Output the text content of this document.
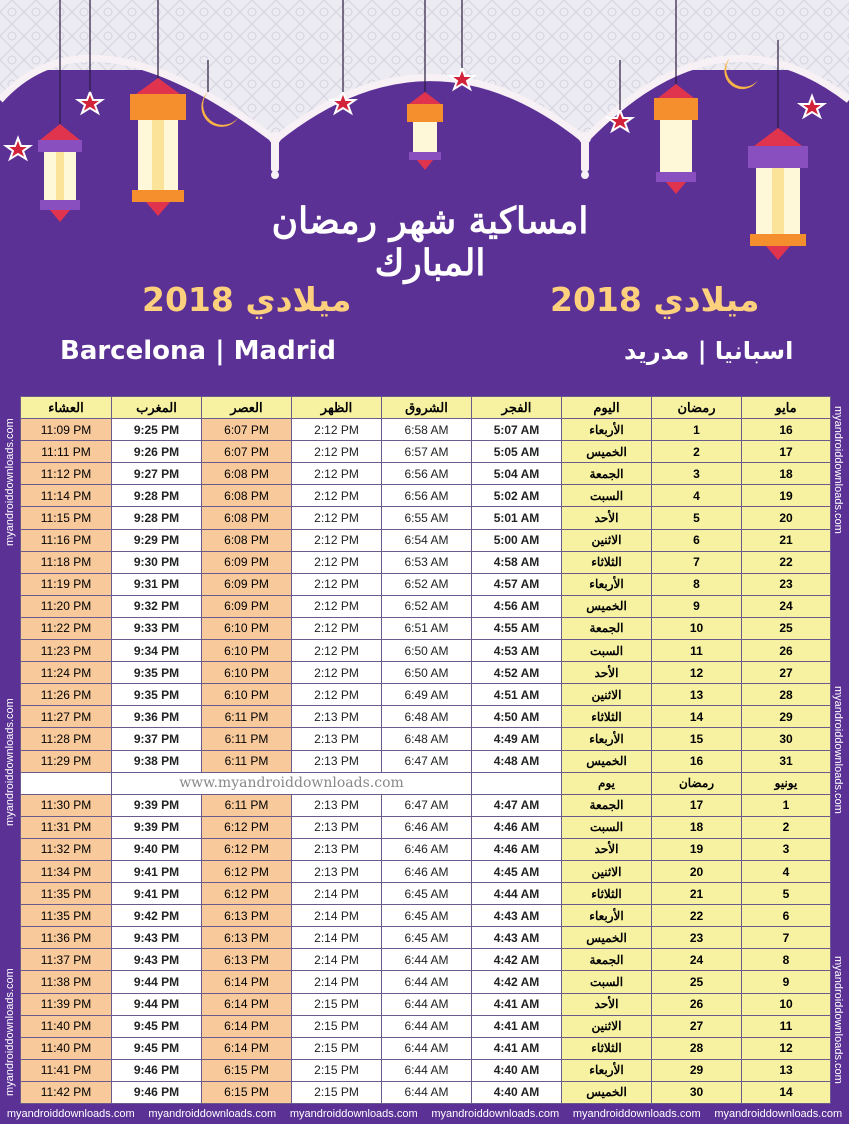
امساكية شهر رمضان المبارك
2018 ميلادي	2018 ميلادي
Barcelona | Madrid	اسبانيا | مدريد
العشاء	المغرب	العصر	الظهر	الشروق	الفجر	اليوم	رمضان	مايو
11:09 PM	9:25 PM	6:07 PM	2:12 PM	6:58 AM	5:07 AM	الأربعاء	1	16
11:11 PM	9:26 PM	6:07 PM	2:12 PM	6:57 AM	5:05 AM	الخميس	2	17
11:12 PM	9:27 PM	6:08 PM	2:12 PM	6:56 AM	5:04 AM	الجمعة	3	18
11:14 PM	9:28 PM	6:08 PM	2:12 PM	6:56 AM	5:02 AM	السبت	4	19
11:15 PM	9:28 PM	6:08 PM	2:12 PM	6:55 AM	5:01 AM	الأحد	5	20
11:16 PM	9:29 PM	6:08 PM	2:12 PM	6:54 AM	5:00 AM	الاثنين	6	21
11:18 PM	9:30 PM	6:09 PM	2:12 PM	6:53 AM	4:58 AM	الثلاثاء	7	22
11:19 PM	9:31 PM	6:09 PM	2:12 PM	6:52 AM	4:57 AM	الأربعاء	8	23
11:20 PM	9:32 PM	6:09 PM	2:12 PM	6:52 AM	4:56 AM	الخميس	9	24
11:22 PM	9:33 PM	6:10 PM	2:12 PM	6:51 AM	4:55 AM	الجمعة	10	25
11:23 PM	9:34 PM	6:10 PM	2:12 PM	6:50 AM	4:53 AM	السبت	11	26
11:24 PM	9:35 PM	6:10 PM	2:12 PM	6:50 AM	4:52 AM	الأحد	12	27
11:26 PM	9:35 PM	6:10 PM	2:12 PM	6:49 AM	4:51 AM	الاثنين	13	28
11:27 PM	9:36 PM	6:11 PM	2:13 PM	6:48 AM	4:50 AM	الثلاثاء	14	29
11:28 PM	9:37 PM	6:11 PM	2:13 PM	6:48 AM	4:49 AM	الأربعاء	15	30
11:29 PM	9:38 PM	6:11 PM	2:13 PM	6:47 AM	4:48 AM	الخميس	16	31
	www.myandroiddownloads.com					يوم	رمضان	يونيو
11:30 PM	9:39 PM	6:11 PM	2:13 PM	6:47 AM	4:47 AM	الجمعة	17	1
11:31 PM	9:39 PM	6:12 PM	2:13 PM	6:46 AM	4:46 AM	السبت	18	2
11:32 PM	9:40 PM	6:12 PM	2:13 PM	6:46 AM	4:46 AM	الأحد	19	3
11:34 PM	9:41 PM	6:12 PM	2:13 PM	6:46 AM	4:45 AM	الاثنين	20	4
11:35 PM	9:41 PM	6:12 PM	2:14 PM	6:45 AM	4:44 AM	الثلاثاء	21	5
11:35 PM	9:42 PM	6:13 PM	2:14 PM	6:45 AM	4:43 AM	الأربعاء	22	6
11:36 PM	9:43 PM	6:13 PM	2:14 PM	6:45 AM	4:43 AM	الخميس	23	7
11:37 PM	9:43 PM	6:13 PM	2:14 PM	6:44 AM	4:42 AM	الجمعة	24	8
11:38 PM	9:44 PM	6:14 PM	2:14 PM	6:44 AM	4:42 AM	السبت	25	9
11:39 PM	9:44 PM	6:14 PM	2:15 PM	6:44 AM	4:41 AM	الأحد	26	10
11:40 PM	9:45 PM	6:14 PM	2:15 PM	6:44 AM	4:41 AM	الاثنين	27	11
11:40 PM	9:45 PM	6:14 PM	2:15 PM	6:44 AM	4:41 AM	الثلاثاء	28	12
11:41 PM	9:46 PM	6:15 PM	2:15 PM	6:44 AM	4:40 AM	الأربعاء	29	13
11:42 PM	9:46 PM	6:15 PM	2:15 PM	6:44 AM	4:40 AM	الخميس	30	14
myandroiddownloads.com	myandroiddownloads.com
myandroiddownloads.com	myandroiddownloads.com
myandroiddownloads.com	myandroiddownloads.com
myandroiddownloads.com myandroiddownloads.com myandroiddownloads.com myandroiddownloads.com myandroiddownloads.com myandroiddownloads.com
